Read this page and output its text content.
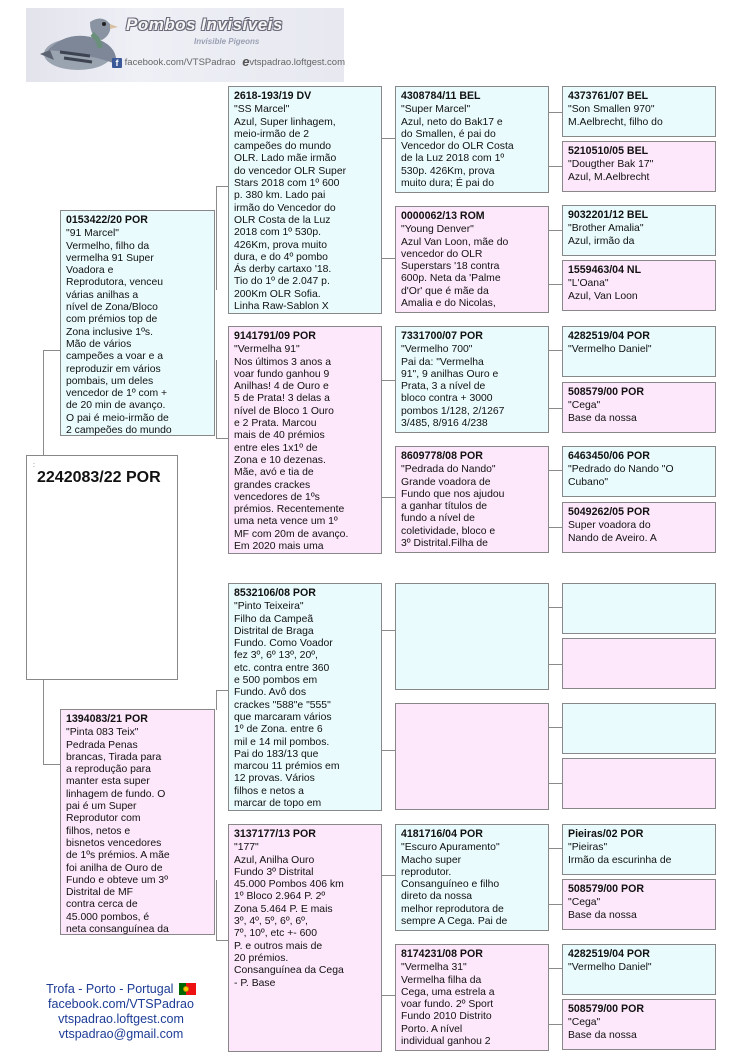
Pombos Invisíveis
Invisible Pigeons
f facebook.com/VTSPadrao evtspadrao.loftgest.com
:
2242083/22 POR
0153422/20 POR
"91 Marcel"
Vermelho, filho da
vermelha 91 Super
Voadora e
Reprodutora, venceu
várias anilhas a
nível de Zona/Bloco
com prémios top de
Zona inclusive 1ºs.
Mão de vários
campeões a voar e a
reproduzir em vários
pombais, um deles
vencedor de 1º com +
de 20 min de avanço.
O pai é meio-irmão de
2 campeões do mundo
1394083/21 POR
"Pinta 083 Teix"
Pedrada Penas
brancas, Tirada para
a reprodução para
manter esta super
linhagem de fundo. O
pai é um Super
Reprodutor com
filhos, netos e
bisnetos vencedores
de 1ºs prémios. A mãe
foi anilha de Ouro de
Fundo e obteve um 3º
Distrital de MF
contra cerca de
45.000 pombos, é
neta consanguínea da
2618-193/19 DV
"SS Marcel"
Azul, Super linhagem,
meio-irmão de 2
campeões do mundo
OLR. Lado mãe irmão
do vencedor OLR Super
Stars 2018 com 1º 600
p. 380 km. Lado pai
irmão do Vencedor do
OLR Costa de la Luz
2018 com 1º 530p.
426Km, prova muito
dura, e do 4º pombo
Ás derby cartaxo '18.
Tio do 1º de 2.047 p.
200Km OLR Sofia.
Linha Raw-Sablon X
9141791/09 POR
"Vermelha 91"
Nos últimos 3 anos a
voar fundo ganhou 9
Anilhas! 4 de Ouro e
5 de Prata! 3 delas a
nível de Bloco 1 Ouro
e 2 Prata. Marcou
mais de 40 prémios
entre eles 1x1º de
Zona e 10 dezenas.
Mãe, avó e tia de
grandes crackes
vencedores de 1ºs
prémios. Recentemente
uma neta vence um 1º
MF com 20m de avanço.
Em 2020 mais uma
8532106/08 POR
"Pinto Teixeira"
Filho da Campeã
Distrital de Braga
Fundo. Como Voador
fez 3º, 6º 13º, 20º,
etc. contra entre 360
e 500 pombos em
Fundo. Avô dos
crackes "588"e "555"
que marcaram vários
1º de Zona. entre 6
mil e 14 mil pombos.
Pai do 183/13 que
marcou 11 prémios em
12 provas. Vários
filhos e netos a
marcar de topo em
3137177/13 POR
"177"
Azul, Anilha Ouro
Fundo 3º Distrital
45.000 Pombos 406 km
1º Bloco 2.964 P. 2º
Zona 5.464 P. E mais
3º, 4º, 5º, 6º, 6º,
7º, 10º, etc +- 600
P. e outros mais de
20 prémios.
Consanguínea da Cega
- P. Base
4308784/11 BEL
"Super Marcel"
Azul, neto do Bak17 e
do Smallen, é pai do
Vencedor do OLR Costa
de la Luz 2018 com 1º
530p. 426Km, prova
muito dura; É pai do
0000062/13 ROM
"Young Denver"
Azul Van Loon, mãe do
vencedor do OLR
Superstars '18 contra
600p. Neta da 'Palme
d'Or' que é mãe da
Amalia e do Nicolas,
7331700/07 POR
"Vermelho 700"
Pai da: "Vermelha
91", 9 anilhas Ouro e
Prata, 3 a nível de
bloco contra + 3000
pombos 1/128, 2/1267
3/485, 8/916 4/238
8609778/08 POR
"Pedrada do Nando"
Grande voadora de
Fundo que nos ajudou
a ganhar títulos de
fundo a nível de
coletividade, bloco e
3º Distrital.Filha de
4181716/04 POR
"Escuro Apuramento"
Macho super
reprodutor.
Consanguíneo e filho
direto da nossa
melhor reprodutora de
sempre A Cega. Pai de
8174231/08 POR
"Vermelha 31"
Vermelha filha da
Cega, uma estrela a
voar fundo. 2º Sport
Fundo 2010 Distrito
Porto. A nível
individual ganhou 2
4373761/07 BEL
"Son Smallen 970"
M.Aelbrecht, filho do
5210510/05 BEL
"Dougther Bak 17"
Azul, M.Aelbrecht
9032201/12 BEL
"Brother Amalia"
Azul, irmão da
1559463/04 NL
"L'Oana"
Azul, Van Loon
4282519/04 POR
"Vermelho Daniel"
508579/00 POR
"Cega"
Base da nossa
6463450/06 POR
"Pedrado do Nando "O
Cubano"
5049262/05 POR
Super voadora do
Nando de Aveiro. A
Pieiras/02 POR
"Pieiras"
Irmão da escurinha de
508579/00 POR
"Cega"
Base da nossa
4282519/04 POR
"Vermelho Daniel"
508579/00 POR
"Cega"
Base da nossa
Trofa - Porto - Portugal
facebook.com/VTSPadrao
vtspadrao.loftgest.com
vtspadrao@gmail.com
